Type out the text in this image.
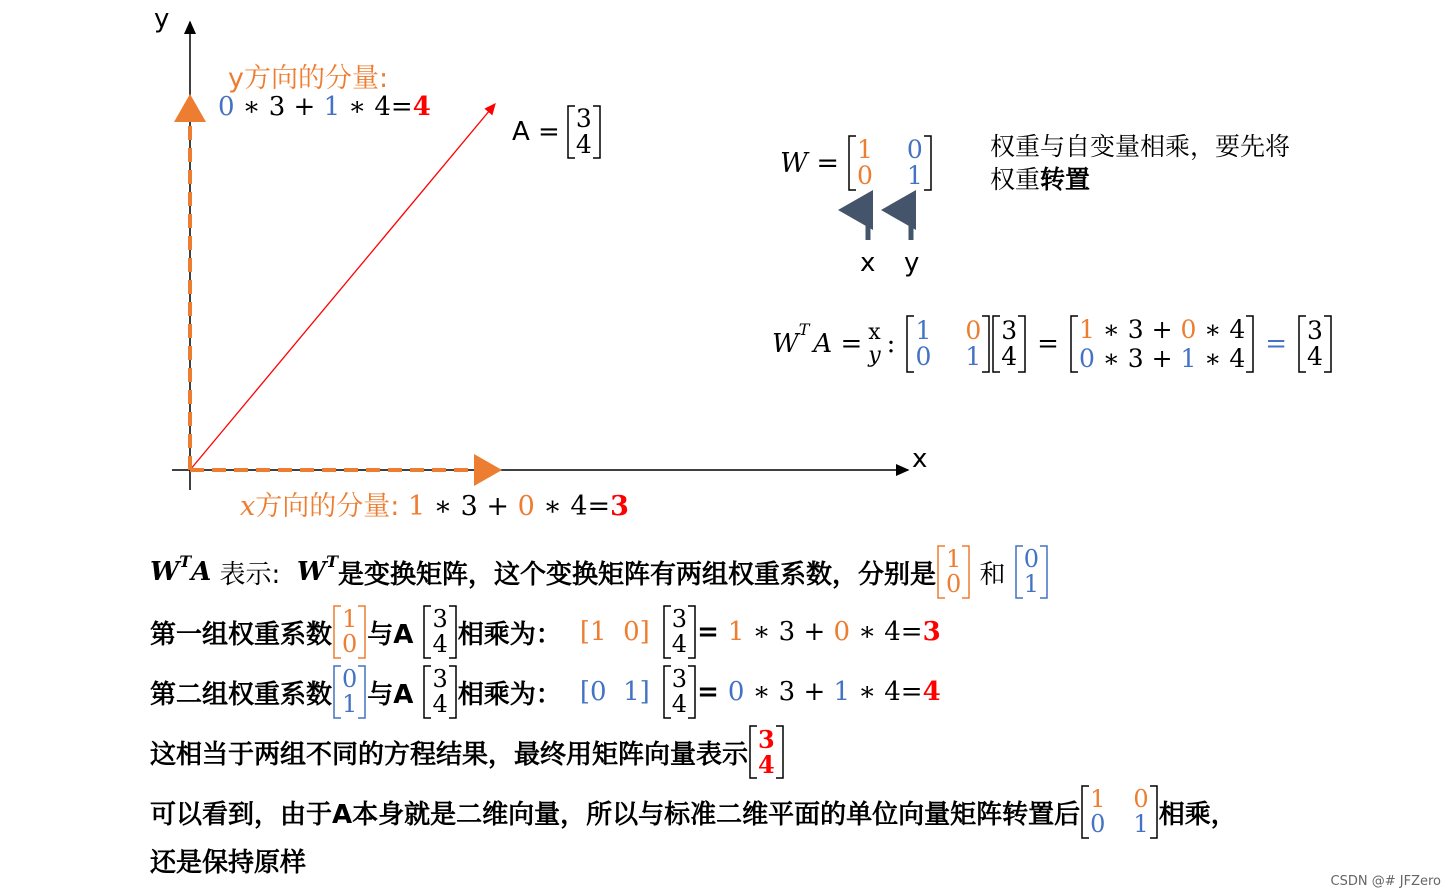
y
x
y方向的分量:
0 ∗ 3 + 1 ∗ 4=4
A = 3
4
x方向的分量: 1 ∗ 3 + 0 ∗ 4=3
W = 1 0
0 1
x y
权重与自变量相乘，要先将
权重转置
$W^T$ A = x
y : 1 0
0 1
3
4 = 1 ∗ 3 + 0 ∗ 4
0 ∗ 3 + 1 ∗ 4 = 3
4
$W^T$ A 表示: $W^T$ 是变换矩阵，这个变换矩阵有两组权重系数，分别是
1
0 和
0
1
第一组权重系数
1
0 与A
3
4 相乘为： [1  0] 3
4 = 1 ∗ 3 + 0 ∗ 4=3
第二组权重系数
0
1 与A
3
4 相乘为： [0  1] 3
4 = 0 ∗ 3 + 1 ∗ 4=4
这相当于两组不同的方程结果，最终用矩阵向量表示
3
4
可以看到，由于A本身就是二维向量，所以与标准二维平面的单位向量矩阵转置后
1 0
0 1 相乘，
还是保持原样
CSDN @# JFZero
